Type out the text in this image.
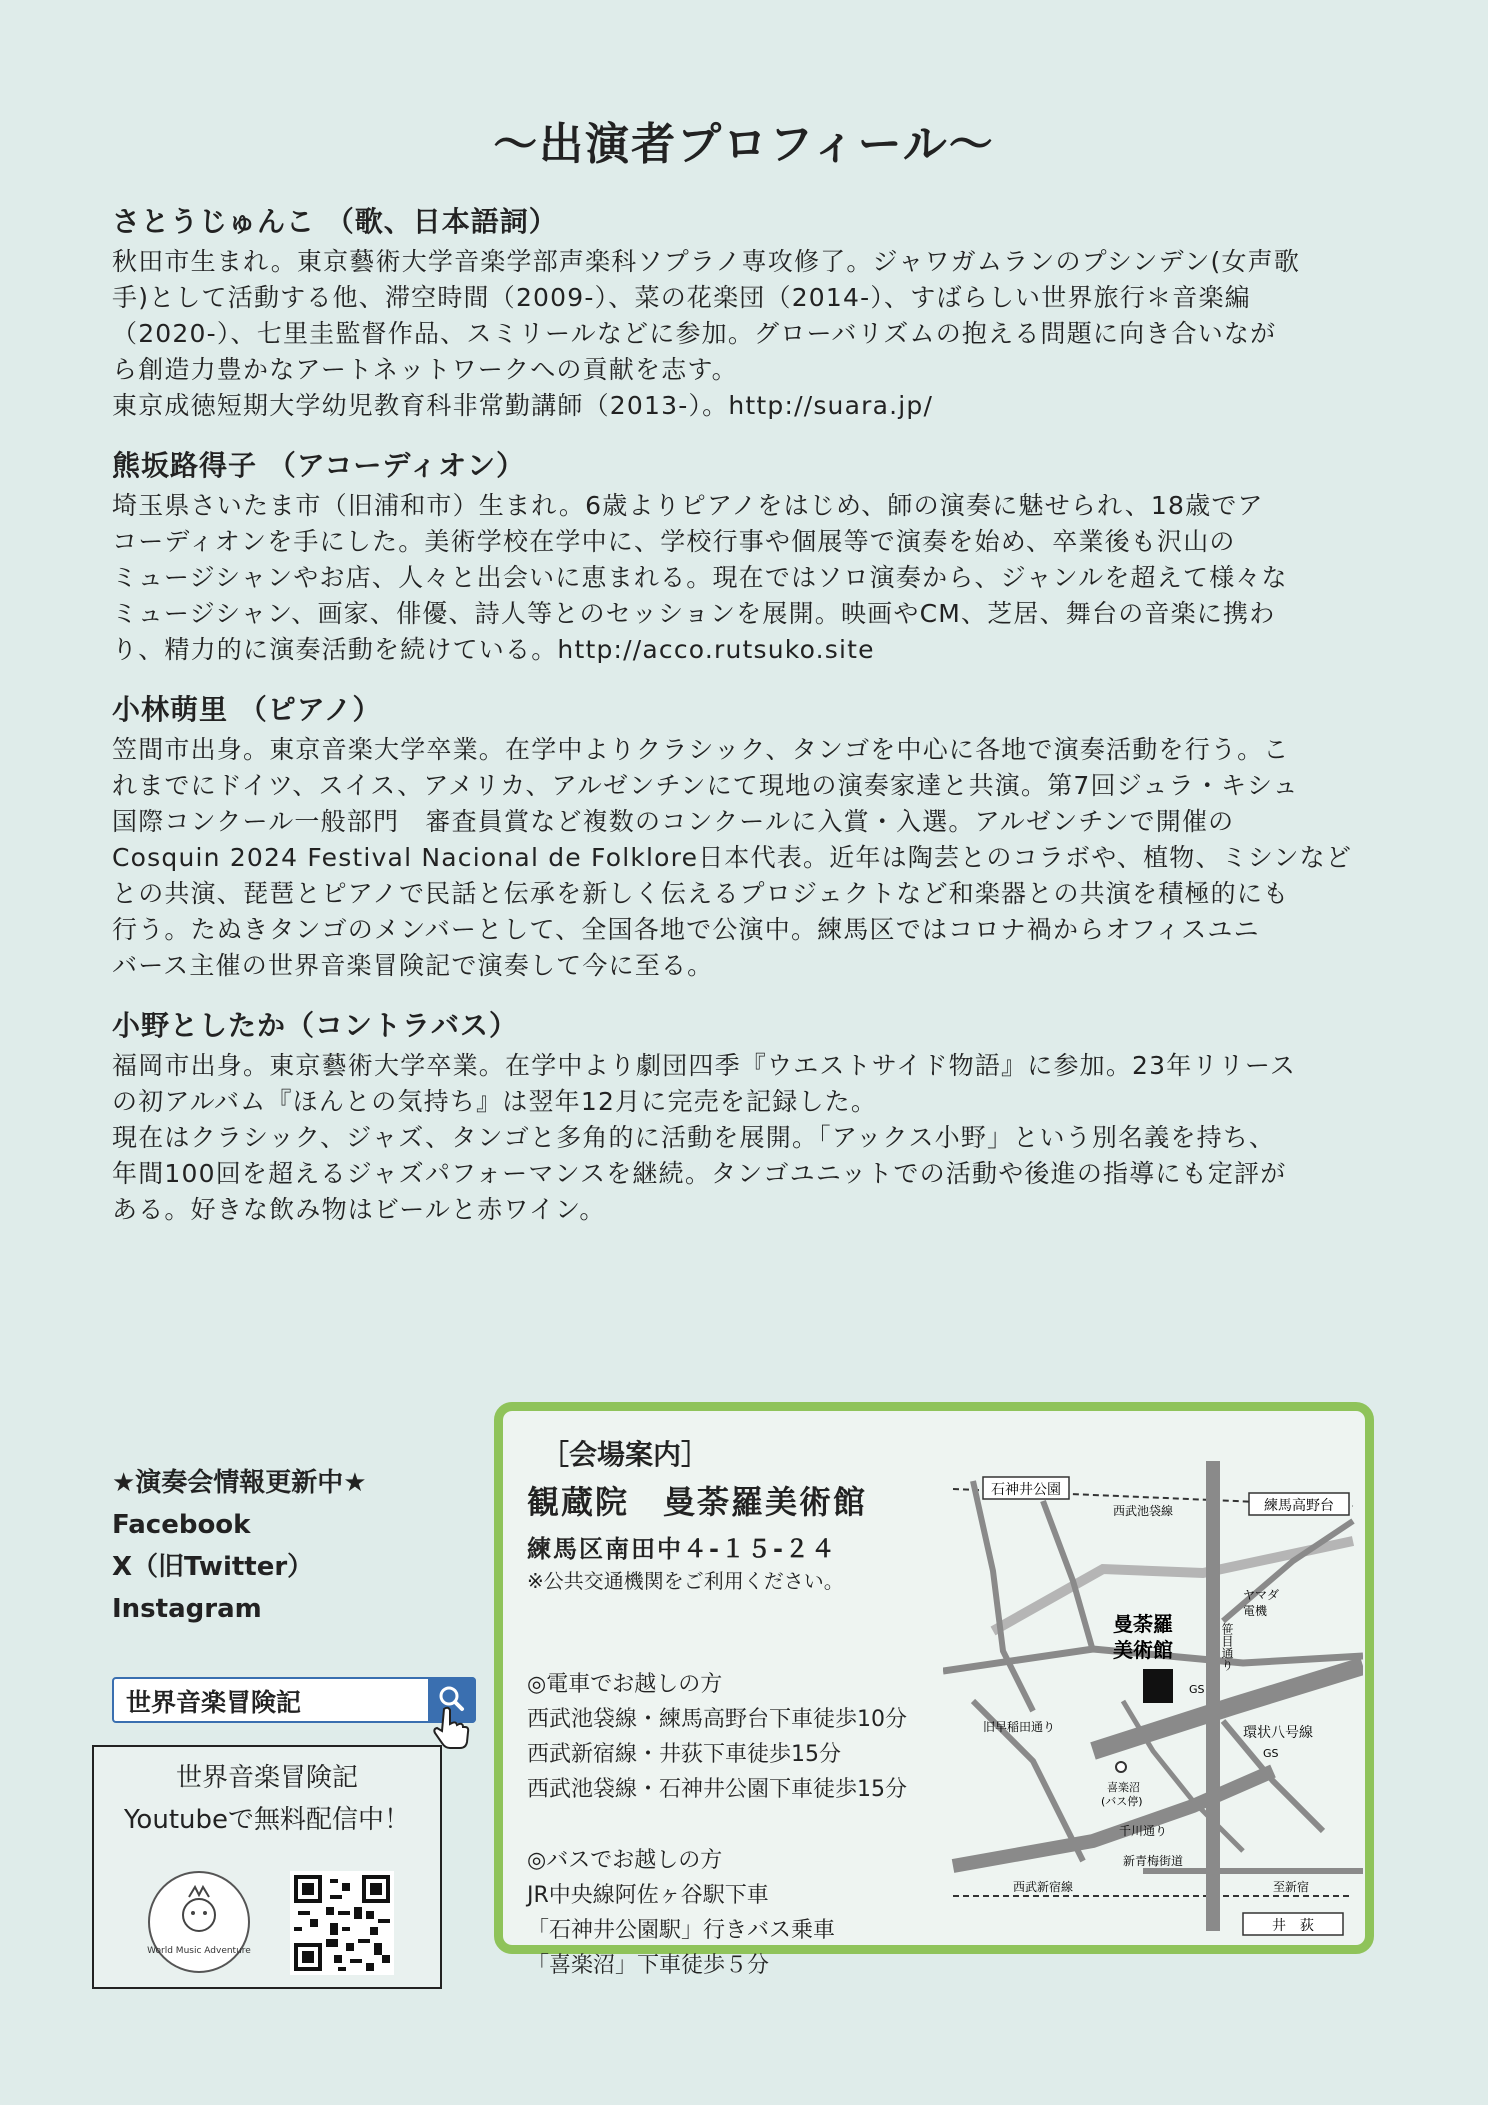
〜出演者プロフィール〜
さとうじゅんこ （歌、日本語詞）

秋田市生まれ。東京藝術大学音楽学部声楽科ソプラノ専攻修了。ジャワガムランのプシンデン(女声歌

手)として活動する他、滞空時間（2009-）、菜の花楽団（2014-）、すばらしい世界旅行＊音楽編

（2020-）、七里圭監督作品、スミリールなどに参加。グローバリズムの抱える問題に向き合いなが

ら創造力豊かなアートネットワークへの貢献を志す。

東京成徳短期大学幼児教育科非常勤講師（2013-）。http://suara.jp/

熊坂路得子 （アコーディオン）

埼玉県さいたま市（旧浦和市）生まれ。6歳よりピアノをはじめ、師の演奏に魅せられ、18歳でア

コーディオンを手にした。美術学校在学中に、学校行事や個展等で演奏を始め、卒業後も沢山の

ミュージシャンやお店、人々と出会いに恵まれる。現在ではソロ演奏から、ジャンルを超えて様々な

ミュージシャン、画家、俳優、詩人等とのセッションを展開。映画やCM、芝居、舞台の音楽に携わ

り、精力的に演奏活動を続けている。http://acco.rutsuko.site

小林萌里 （ピアノ）

笠間市出身。東京音楽大学卒業。在学中よりクラシック、タンゴを中心に各地で演奏活動を行う。こ

れまでにドイツ、スイス、アメリカ、アルゼンチンにて現地の演奏家達と共演。第7回ジュラ・キシュ

国際コンクール一般部門　審査員賞など複数のコンクールに入賞・入選。アルゼンチンで開催の

Cosquin 2024 Festival Nacional de Folklore日本代表。近年は陶芸とのコラボや、植物、ミシンなど

との共演、琵琶とピアノで民話と伝承を新しく伝えるプロジェクトなど和楽器との共演を積極的にも

行う。たぬきタンゴのメンバーとして、全国各地で公演中。練馬区ではコロナ禍からオフィスユニ

バース主催の世界音楽冒険記で演奏して今に至る。

小野としたか（コントラバス）

福岡市出身。東京藝術大学卒業。在学中より劇団四季『ウエストサイド物語』に参加。23年リリース

の初アルバム『ほんとの気持ち』は翌年12月に完売を記録した。

現在はクラシック、ジャズ、タンゴと多角的に活動を展開。「アックス小野」という別名義を持ち、

年間100回を超えるジャズパフォーマンスを継続。タンゴユニットでの活動や後進の指導にも定評が

ある。好きな飲み物はビールと赤ワイン。

★演奏会情報更新中★
Facebook
X（旧Twitter）
Instagram
世界音楽冒険記
世界音楽冒険記
Youtubeで無料配信中！
World Music Adventure
［会場案内］
観蔵院　曼荼羅美術館
練馬区南田中４-１５-２４
※公共交通機関をご利用ください。
◎電車でお越しの方
西武池袋線・練馬高野台下車徒歩10分
西武新宿線・井荻下車徒歩15分
西武池袋線・石神井公園下車徒歩15分
◎バスでお越しの方
JR中央線阿佐ヶ谷駅下車
「石神井公園駅」行きバス乗車
「喜楽沼」下車徒歩５分
石神井公園
西武池袋線	練馬高野台
ヤマダ
電機
笹目通り
曼荼羅
美術館
GS
環状八号線
GS
旧早稲田通り
喜楽沼
(バス停)
千川通り
新青梅街道
西武新宿線	至新宿
井　荻
